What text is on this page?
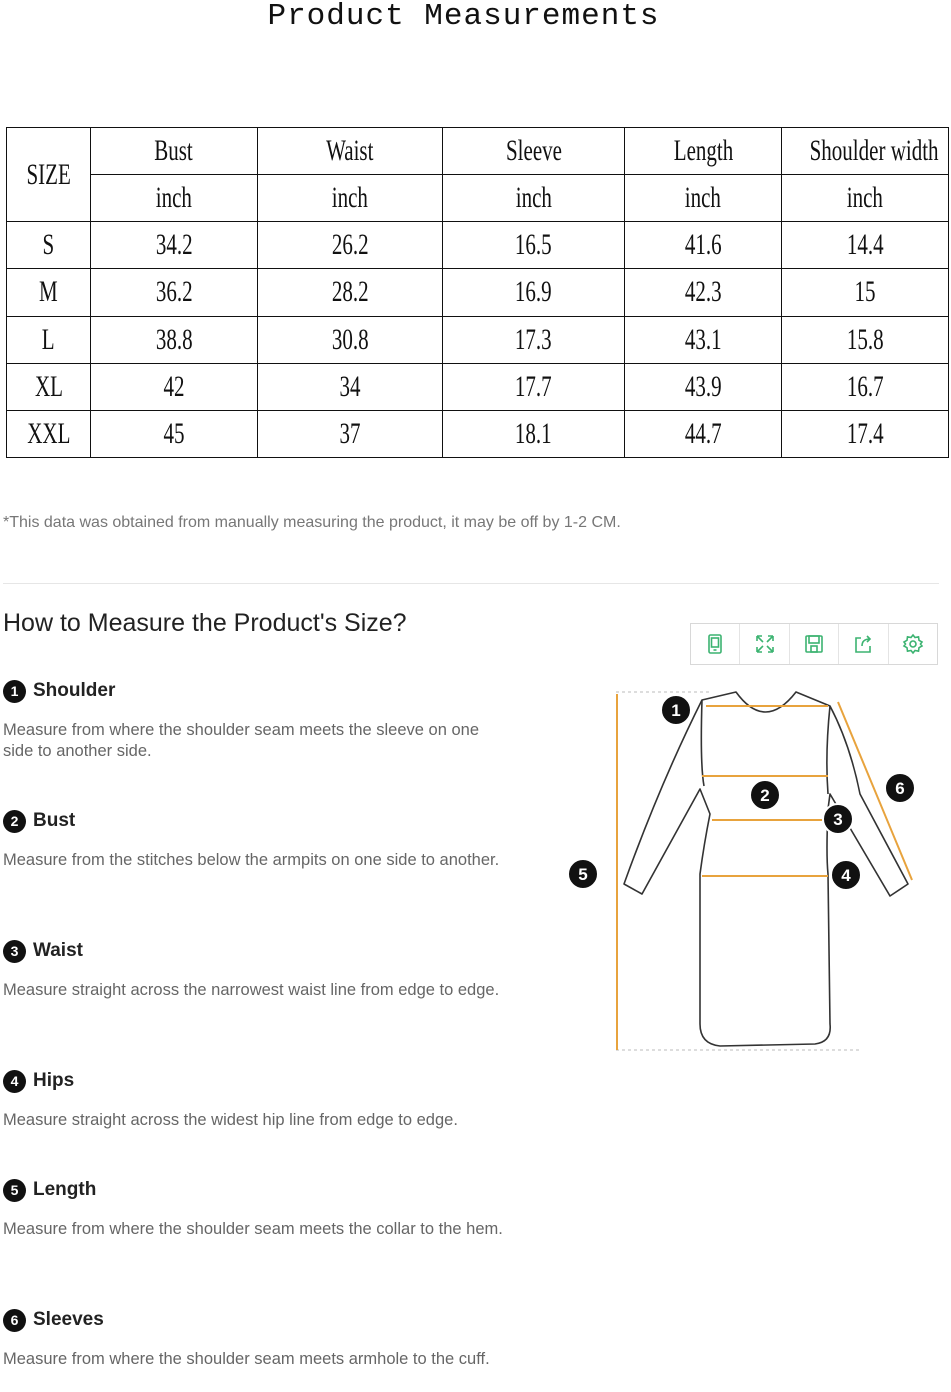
Product Measurements
SIZE	Bust	Waist	Sleeve	Length	Shoulder width
	inch	inch	inch	inch	inch
S	34.2	26.2	16.5	41.6	14.4
M	36.2	28.2	16.9	42.3	15
L	38.8	30.8	17.3	43.1	15.8
XL	42	34	17.7	43.9	16.7
XXL	45	37	18.1	44.7	17.4
*This data was obtained from manually measuring the product, it may be off by 1-2 CM.
How to Measure the Product's Size?
1 Shoulder
Measure from where the shoulder seam meets the sleeve on one side to another side.
2 Bust
Measure from the stitches below the armpits on one side to another.
3 Waist
Measure straight across the narrowest waist line from edge to edge.
4 Hips
Measure straight across the widest hip line from edge to edge.
5 Length
Measure from where the shoulder seam meets the collar to the hem.
6 Sleeves
Measure from where the shoulder seam meets armhole to the cuff.
1
2
3
4
5
6
